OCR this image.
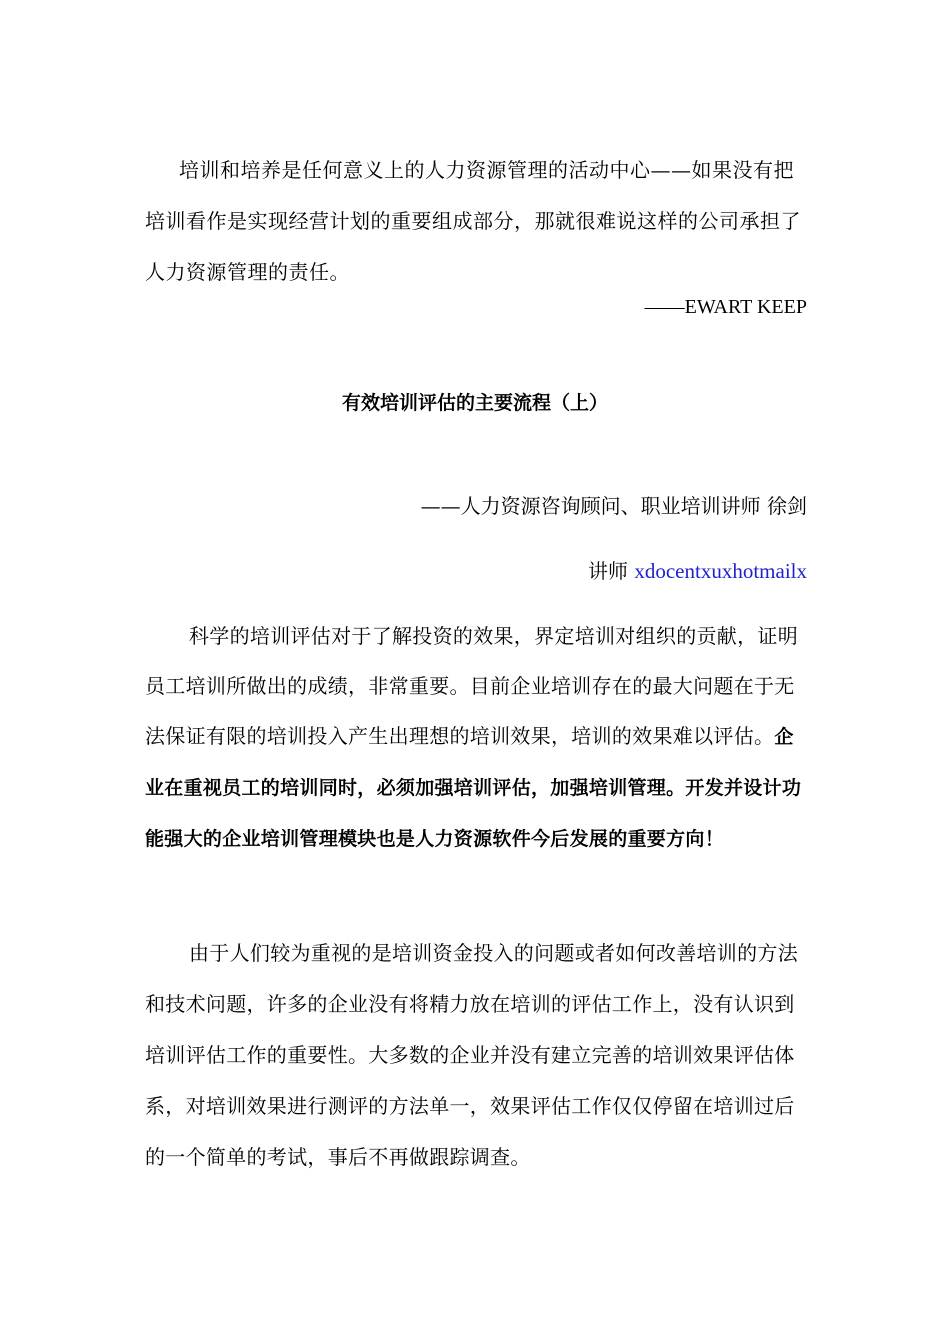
培训和培养是任何意义上的人力资源管理的活动中心——如果没有把培训看作是实现经营计划的重要组成部分，那就很难说这样的公司承担了人力资源管理的责任。
——EWART KEEP
有效培训评估的主要流程（上）
——人力资源咨询顾问、职业培训讲师 徐剑
讲师 xdocentxuxhotmailx
科学的培训评估对于了解投资的效果，界定培训对组织的贡献，证明员工培训所做出的成绩，非常重要。目前企业培训存在的最大问题在于无法保证有限的培训投入产生出理想的培训效果，培训的效果难以评估。企业在重视员工的培训同时，必须加强培训评估，加强培训管理。开发并设计功能强大的企业培训管理模块也是人力资源软件今后发展的重要方向！
由于人们较为重视的是培训资金投入的问题或者如何改善培训的方法和技术问题，许多的企业没有将精力放在培训的评估工作上，没有认识到培训评估工作的重要性。大多数的企业并没有建立完善的培训效果评估体系，对培训效果进行测评的方法单一，效果评估工作仅仅停留在培训过后的一个简单的考试，事后不再做跟踪调查。
